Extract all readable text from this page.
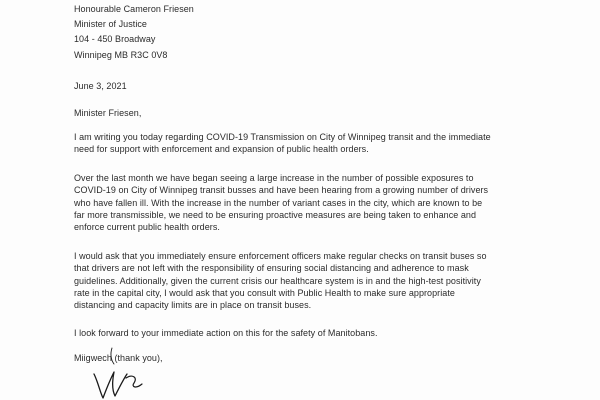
Honourable Cameron Friesen
Minister of Justice
104 - 450 Broadway
Winnipeg MB R3C 0V8
June 3, 2021
Minister Friesen,
I am writing you today regarding COVID-19 Transmission on City of Winnipeg transit and the immediate
need for support with enforcement and expansion of public health orders.
Over the last month we have began seeing a large increase in the number of possible exposures to
COVID-19 on City of Winnipeg transit busses and have been hearing from a growing number of drivers
who have fallen ill. With the increase in the number of variant cases in the city, which are known to be
far more transmissible, we need to be ensuring proactive measures are being taken to enhance and
enforce current public health orders.
I would ask that you immediately ensure enforcement officers make regular checks on transit buses so
that drivers are not left with the responsibility of ensuring social distancing and adherence to mask
guidelines. Additionally, given the current crisis our healthcare system is in and the high-test positivity
rate in the capital city, I would ask that you consult with Public Health to make sure appropriate
distancing and capacity limits are in place on transit buses.
I look forward to your immediate action on this for the safety of Manitobans.
Miigwech (thank you),
